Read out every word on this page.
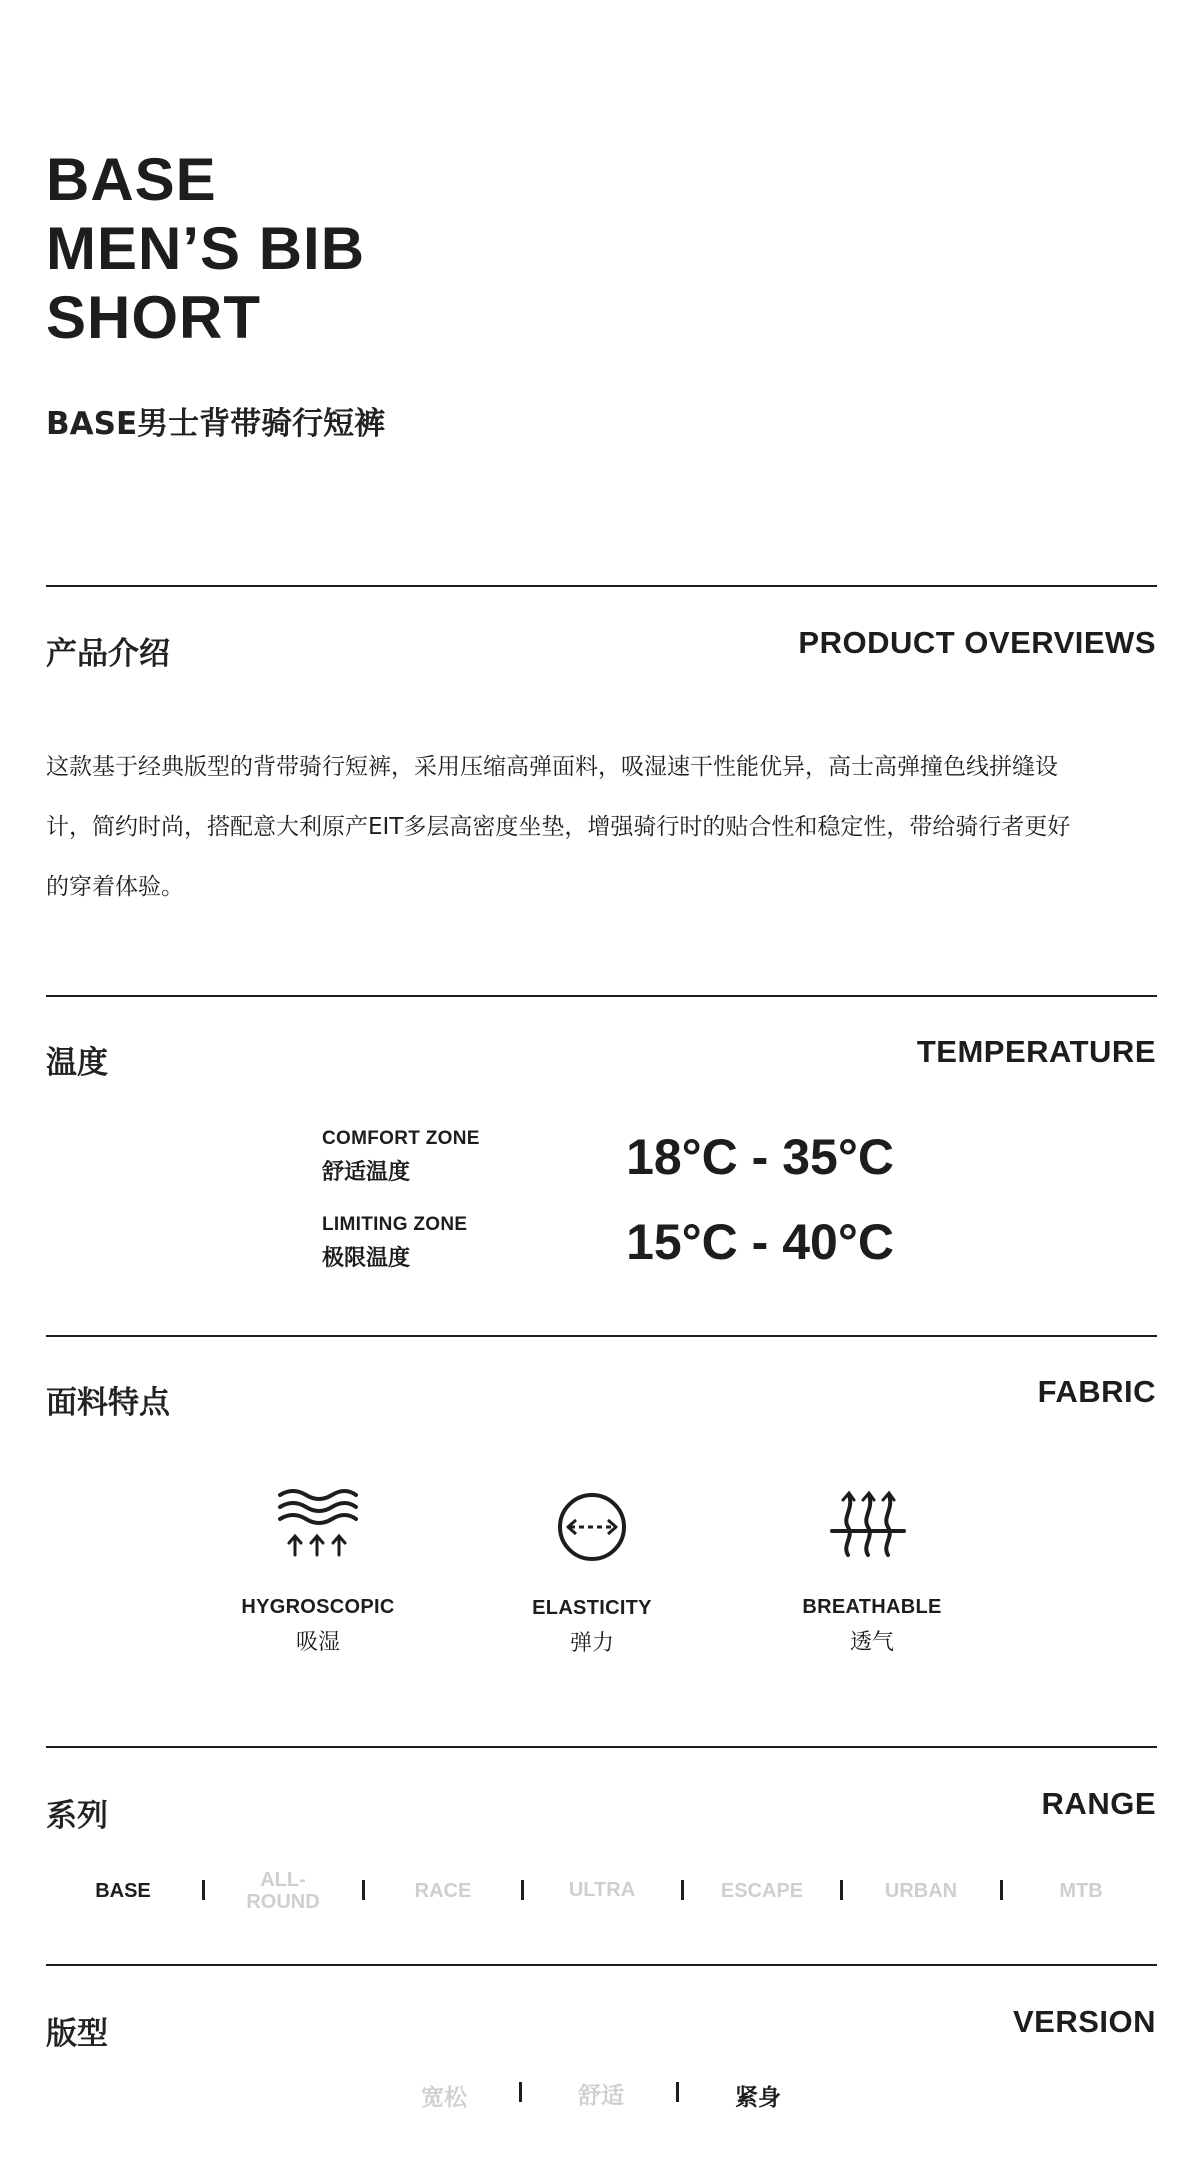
BASE
MEN’S BIB
SHORT
BASE男士背带骑行短裤
产品介绍	PRODUCT OVERVIEWS
这款基于经典版型的背带骑行短裤，采用压缩高弹面料，吸湿速干性能优异，高士高弹撞色线拼缝设
计，简约时尚，搭配意大利原产EIT多层高密度坐垫，增强骑行时的贴合性和稳定性，带给骑行者更好
的穿着体验。
温度	TEMPERATURE
COMFORT ZONE
舒适温度	18°C - 35°C
LIMITING ZONE
极限温度	15°C - 40°C
面料特点	FABRIC
HYGROSCOPIC
吸湿
ELASTICITY
弹力
BREATHABLE
透气
系列	RANGE
BASE	ALL-
ROUND	RACE	ULTRA	ESCAPE	URBAN	MTB
版型	VERSION
宽松	舒适	紧身
